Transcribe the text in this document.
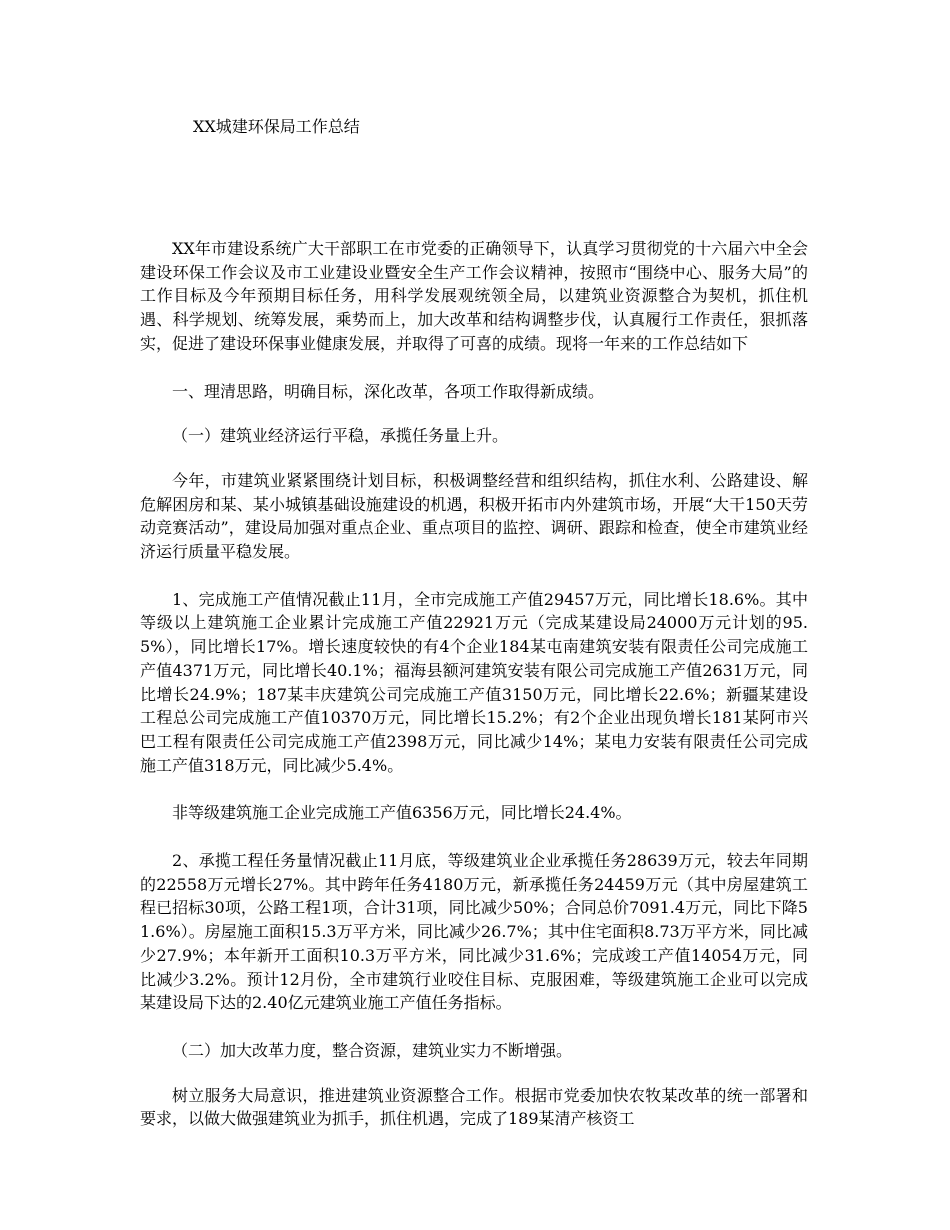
XX城建环保局工作总结

XX年市建设系统广大干部职工在市党委的正确领导下，认真学习贯彻党的十六届六中全会建设环保工作会议及市工业建设业暨安全生产工作会议精神，按照市“围绕中心、服务大局”的工作目标及今年预期目标任务，用科学发展观统领全局，以建筑业资源整合为契机，抓住机遇、科学规划、统筹发展，乘势而上，加大改革和结构调整步伐，认真履行工作责任，狠抓落实，促进了建设环保事业健康发展，并取得了可喜的成绩。现将一年来的工作总结如下

一、理清思路，明确目标，深化改革，各项工作取得新成绩。

（一）建筑业经济运行平稳，承揽任务量上升。

今年，市建筑业紧紧围绕计划目标，积极调整经营和组织结构，抓住水利、公路建设、解危解困房和某、某小城镇基础设施建设的机遇，积极开拓市内外建筑市场，开展“大干150天劳动竞赛活动”，建设局加强对重点企业、重点项目的监控、调研、跟踪和检查，使全市建筑业经济运行质量平稳发展。

1、完成施工产值情况截止11月，全市完成施工产值29457万元，同比增长18.6%。其中等级以上建筑施工企业累计完成施工产值22921万元（完成某建设局24000万元计划的95.5%），同比增长17%。增长速度较快的有4个企业184某屯南建筑安装有限责任公司完成施工产值4371万元，同比增长40.1%；福海县额河建筑安装有限公司完成施工产值2631万元，同比增长24.9%；187某丰庆建筑公司完成施工产值3150万元，同比增长22.6%；新疆某建设工程总公司完成施工产值10370万元，同比增长15.2%；有2个企业出现负增长181某阿市兴巴工程有限责任公司完成施工产值2398万元，同比减少14%；某电力安装有限责任公司完成施工产值318万元，同比减少5.4%。

非等级建筑施工企业完成施工产值6356万元，同比增长24.4%。

2、承揽工程任务量情况截止11月底，等级建筑业企业承揽任务28639万元，较去年同期的22558万元增长27%。其中跨年任务4180万元，新承揽任务24459万元（其中房屋建筑工程已招标30项，公路工程1项，合计31项，同比减少50%；合同总价7091.4万元，同比下降51.6%）。房屋施工面积15.3万平方米，同比减少26.7%；其中住宅面积8.73万平方米，同比减少27.9%；本年新开工面积10.3万平方米，同比减少31.6%；完成竣工产值14054万元，同比减少3.2%。预计12月份，全市建筑行业咬住目标、克服困难，等级建筑施工企业可以完成某建设局下达的2.40亿元建筑业施工产值任务指标。

（二）加大改革力度，整合资源，建筑业实力不断增强。

树立服务大局意识，推进建筑业资源整合工作。根据市党委加快农牧某改革的统一部署和要求，以做大做强建筑业为抓手，抓住机遇，完成了189某清产核资工
